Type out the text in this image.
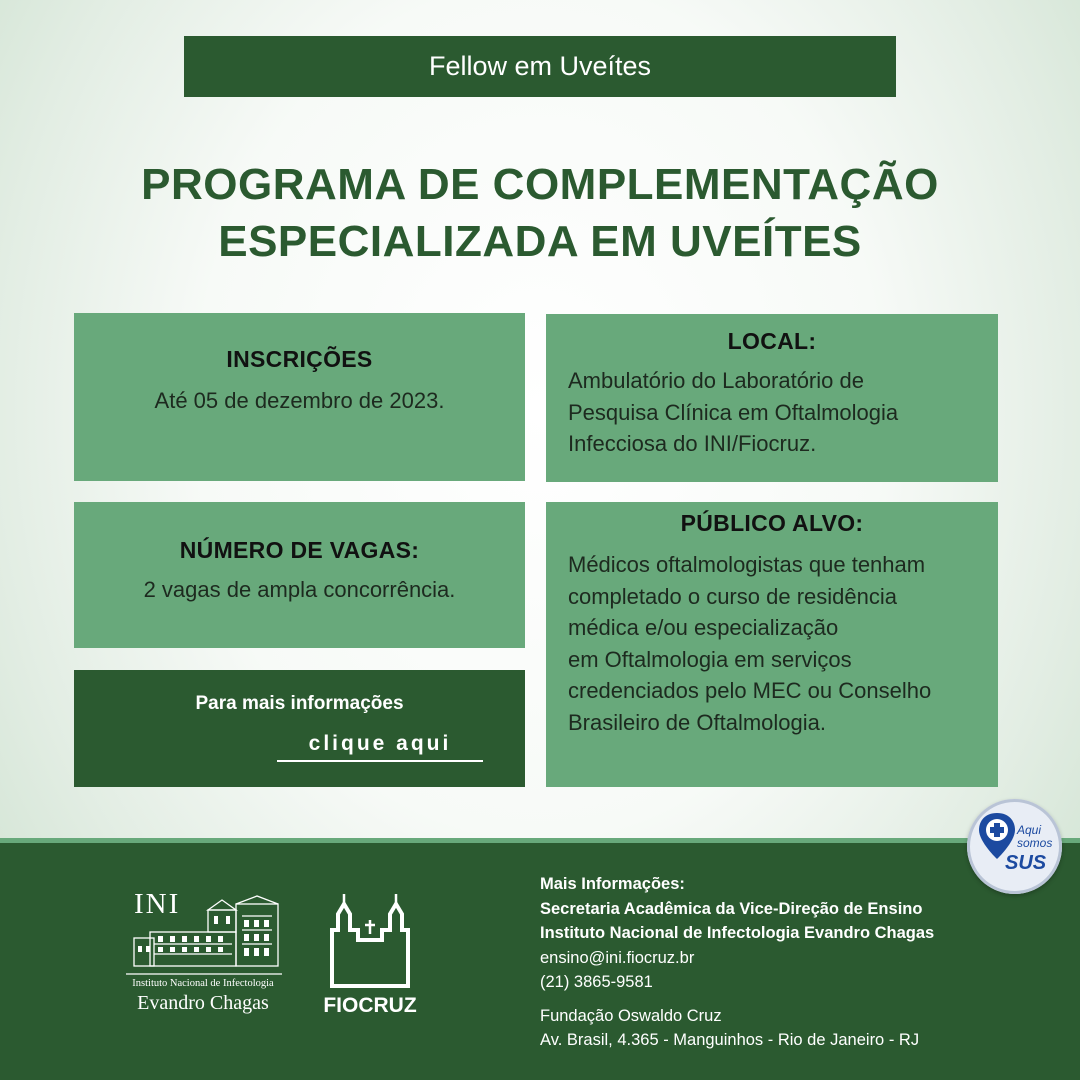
Fellow em Uveítes
PROGRAMA DE COMPLEMENTAÇÃO
ESPECIALIZADA EM UVEÍTES
INSCRIÇÕES

Até 05 de dezembro de 2023.

NÚMERO DE VAGAS:

2 vagas de ampla concorrência.

LOCAL:

Ambulatório do Laboratório de

Pesquisa Clínica em Oftalmologia

Infecciosa do INI/Fiocruz.

PÚBLICO ALVO:

Médicos oftalmologistas que tenham

completado o curso de residência

médica e/ou especialização

em Oftalmologia em serviços

credenciados pelo MEC ou Conselho

Brasileiro de Oftalmologia.

Para mais informações
clique aqui
INI
Instituto Nacional de Infectologia
Evandro Chagas	FIOCRUZ
Mais Informações:
Secretaria Acadêmica da Vice-Direção de Ensino
Instituto Nacional de Infectologia Evandro Chagas
ensino@ini.fiocruz.br
(21) 3865-9581
Fundação Oswaldo Cruz
Av. Brasil, 4.365 - Manguinhos - Rio de Janeiro - RJ
Aqui
somos
SUS
